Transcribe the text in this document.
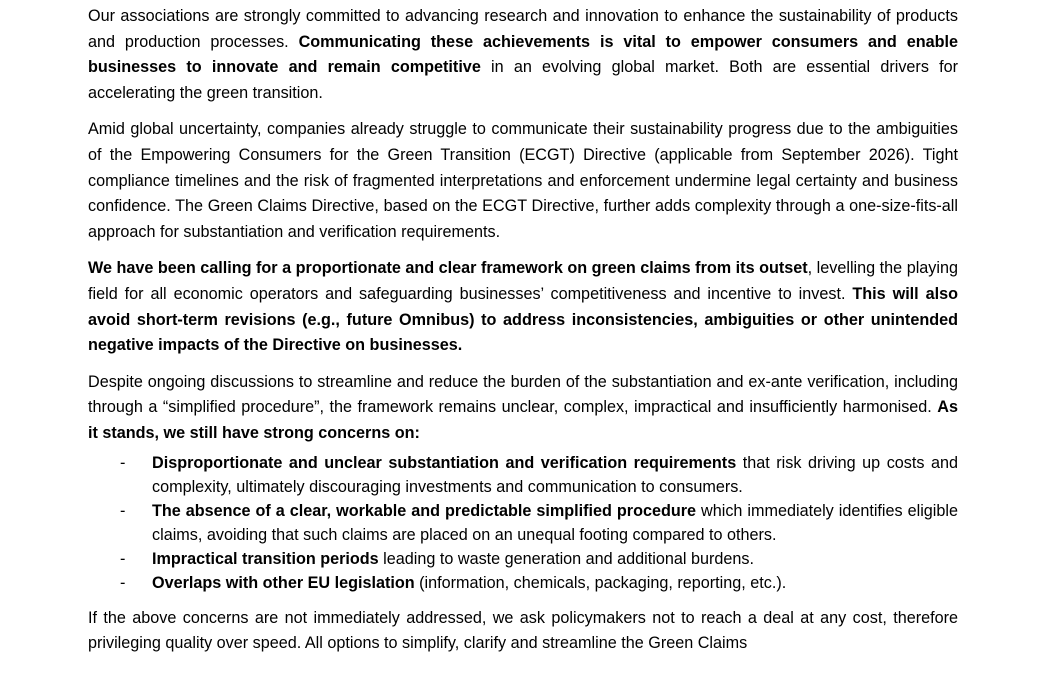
Our associations are strongly committed to advancing research and innovation to enhance the sustainability of products and production processes. Communicating these achievements is vital to empower consumers and enable businesses to innovate and remain competitive in an evolving global market. Both are essential drivers for accelerating the green transition.

Amid global uncertainty, companies already struggle to communicate their sustainability progress due to the ambiguities of the Empowering Consumers for the Green Transition (ECGT) Directive (applicable from September 2026). Tight compliance timelines and the risk of fragmented interpretations and enforcement undermine legal certainty and business confidence. The Green Claims Directive, based on the ECGT Directive, further adds complexity through a one-size-fits-all approach for substantiation and verification requirements.

We have been calling for a proportionate and clear framework on green claims from its outset, levelling the playing field for all economic operators and safeguarding businesses’ competitiveness and incentive to invest. This will also avoid short-term revisions (e.g., future Omnibus) to address inconsistencies, ambiguities or other unintended negative impacts of the Directive on businesses.

Despite ongoing discussions to streamline and reduce the burden of the substantiation and ex-ante verification, including through a “simplified procedure”, the framework remains unclear, complex, impractical and insufficiently harmonised. As it stands, we still have strong concerns on:

- Disproportionate and unclear substantiation and verification requirements that risk driving up costs and complexity, ultimately discouraging investments and communication to consumers.
- The absence of a clear, workable and predictable simplified procedure which immediately identifies eligible claims, avoiding that such claims are placed on an unequal footing compared to others.
- Impractical transition periods leading to waste generation and additional burdens.
- Overlaps with other EU legislation (information, chemicals, packaging, reporting, etc.).

If the above concerns are not immediately addressed, we ask policymakers not to reach a deal at any cost, therefore privileging quality over speed. All options to simplify, clarify and streamline the Green Claims
